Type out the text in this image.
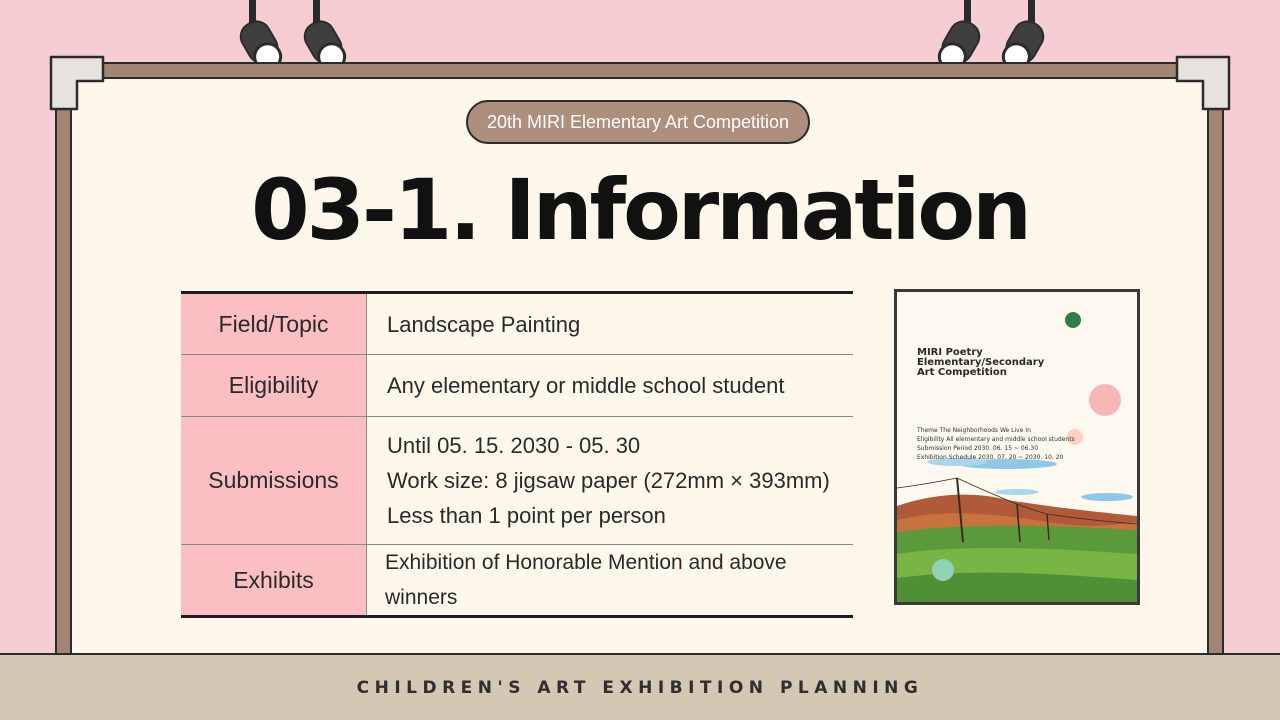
20th MIRI Elementary Art Competition
03-1. Information
Field/Topic	Landscape Painting

Eligibility	Any elementary or middle school student

Submissions	Until 05. 15. 2030 - 05. 30
Work size: 8 jigsaw paper (272mm × 393mm)
Less than 1 point per person

Exhibits	Exhibition of Honorable Mention and above winners
MIRI Poetry
Elementary/Secondary
Art Competition
Theme The Neighborhoods We Live In
Eligibility All elementary and middle school students
Submission Period 2030. 06. 15 ~ 06.30
Exhibition Schedule 2030. 07. 20 ~ 2030. 10. 20
CHILDREN'S ART EXHIBITION PLANNING
